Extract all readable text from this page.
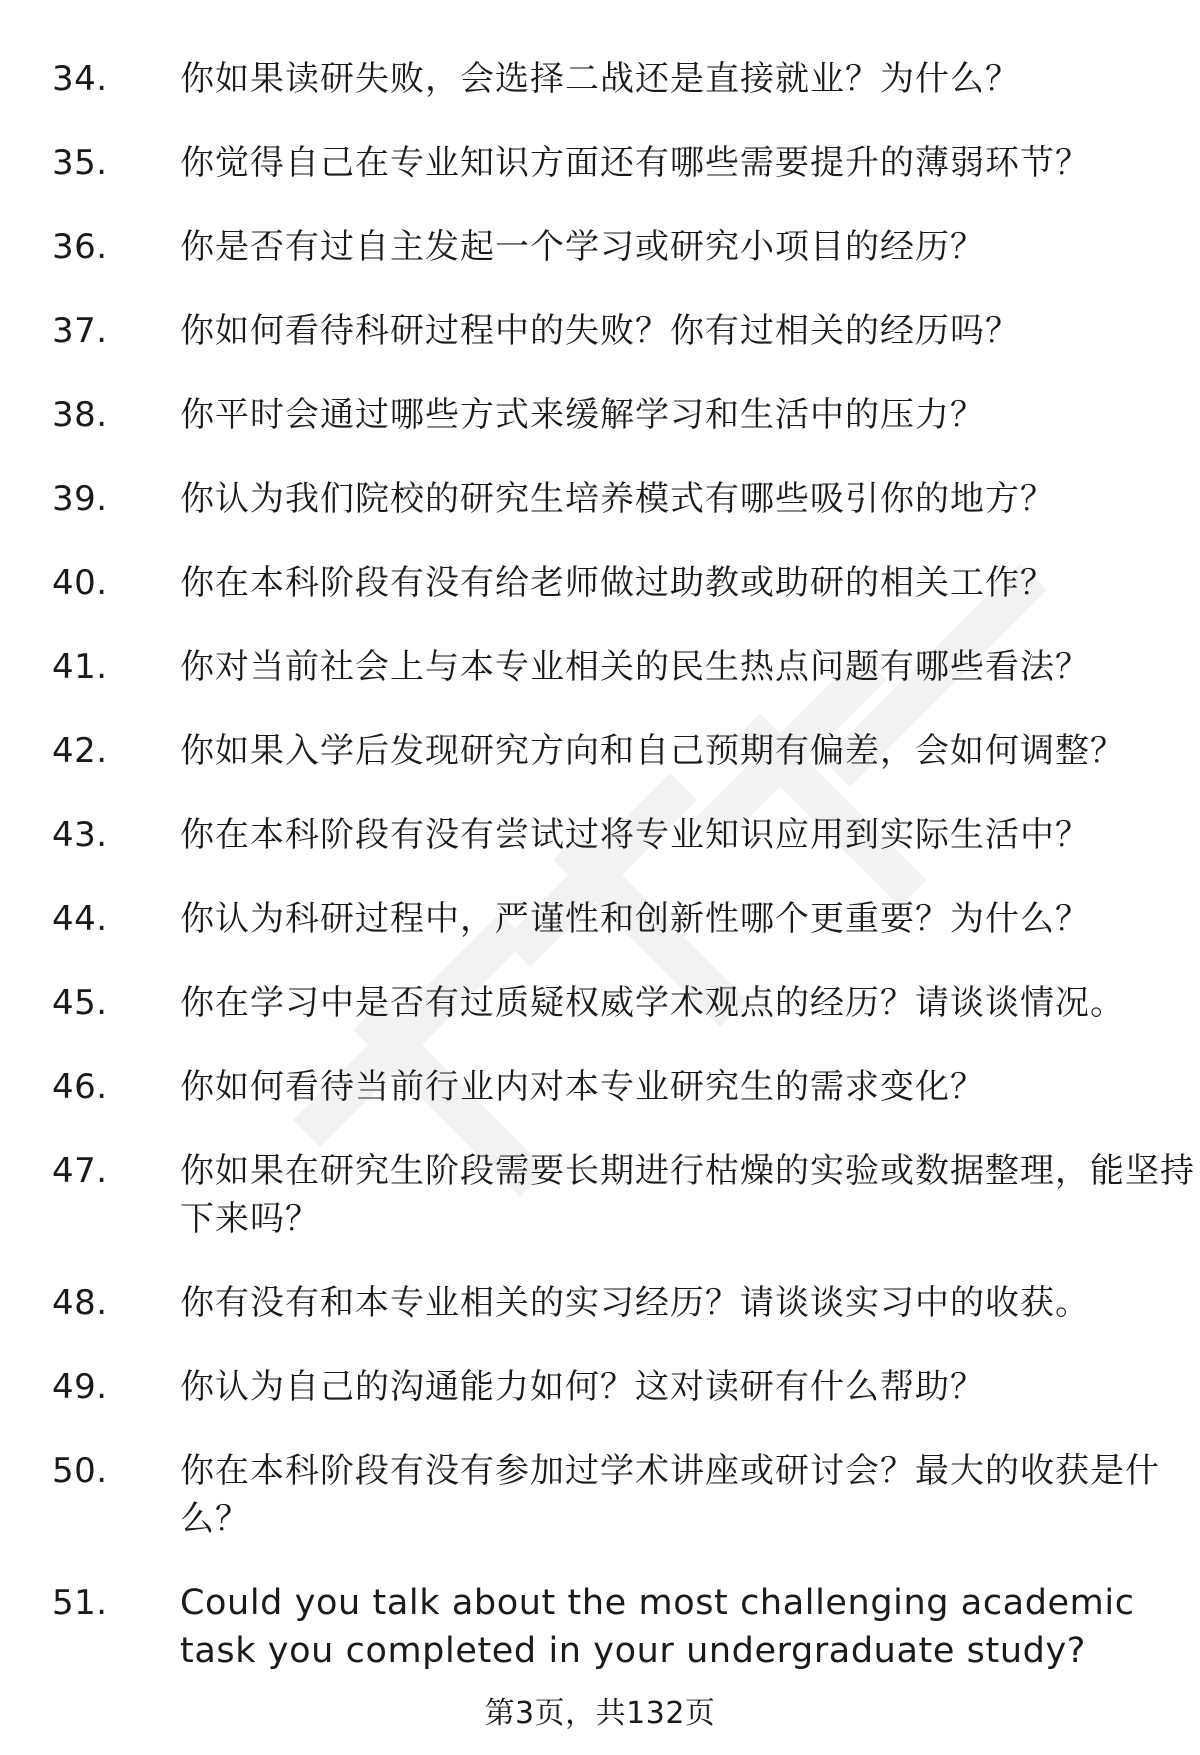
34.	你如果读研失败，会选择二战还是直接就业？为什么？
35.	你觉得自己在专业知识方面还有哪些需要提升的薄弱环节？
36.	你是否有过自主发起一个学习或研究小项目的经历？
37.	你如何看待科研过程中的失败？你有过相关的经历吗？
38.	你平时会通过哪些方式来缓解学习和生活中的压力？
39.	你认为我们院校的研究生培养模式有哪些吸引你的地方？
40.	你在本科阶段有没有给老师做过助教或助研的相关工作？
41.	你对当前社会上与本专业相关的民生热点问题有哪些看法？
42.	你如果入学后发现研究方向和自己预期有偏差，会如何调整？
43.	你在本科阶段有没有尝试过将专业知识应用到实际生活中？
44.	你认为科研过程中，严谨性和创新性哪个更重要？为什么？
45.	你在学习中是否有过质疑权威学术观点的经历？请谈谈情况。
46.	你如何看待当前行业内对本专业研究生的需求变化？
47.	你如果在研究生阶段需要长期进行枯燥的实验或数据整理，能坚持下来吗？
48.	你有没有和本专业相关的实习经历？请谈谈实习中的收获。
49.	你认为自己的沟通能力如何？这对读研有什么帮助？
50.	你在本科阶段有没有参加过学术讲座或研讨会？最大的收获是什么？
51.	Could you talk about the most challenging academic task you completed in your undergraduate study?
第3页，共132页
